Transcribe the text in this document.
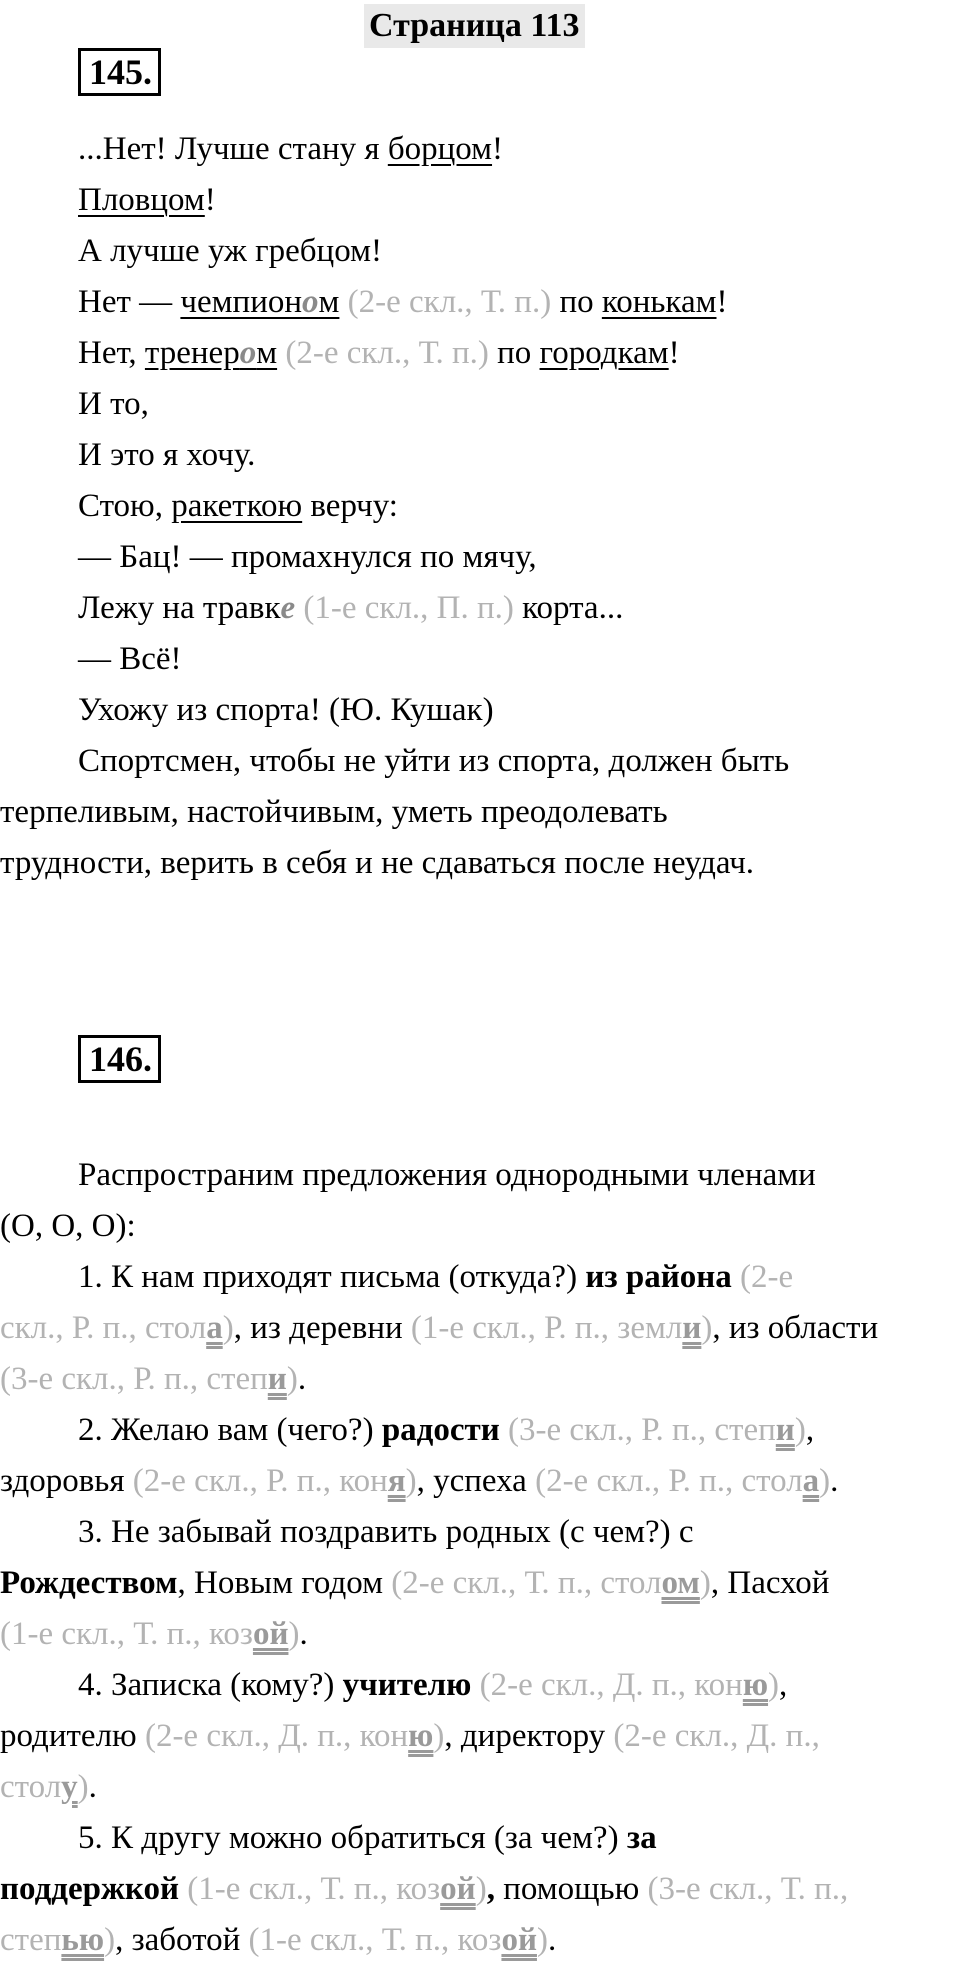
Страница 113
145.
...Нет! Лучше стану я борцом!
Пловцом!
А лучше уж гребцом!
Нет — чемпионом (2-е скл., Т. п.) по конькам!
Нет, тренером (2-е скл., Т. п.) по городкам!
И то,
И это я хочу.
Стою, ракеткою верчу:
— Бац! — промахнулся по мячу,
Лежу на травке (1-е скл., П. п.) корта...
— Всё!
Ухожу из спорта! (Ю. Кушак)
Спортсмен, чтобы не уйти из спорта, должен быть
терпеливым, настойчивым, уметь преодолевать
трудности, верить в себя и не сдаваться после неудач.
146.
Распространим предложения однородными членами
(О, О, О):
1. К нам приходят письма (откуда?) из района (2-е
скл., Р. п., стола), из деревни (1-е скл., Р. п., земли), из области
(3-е скл., Р. п., степи).
2. Желаю вам (чего?) радости (3-е скл., Р. п., степи),
здоровья (2-е скл., Р. п., коня), успеха (2-е скл., Р. п., стола).
3. Не забывай поздравить родных (с чем?) с
Рождеством, Новым годом (2-е скл., Т. п., столом), Пасхой
(1-е скл., Т. п., козой).
4. Записка (кому?) учителю (2-е скл., Д. п., коню),
родителю (2-е скл., Д. п., коню), директору (2-е скл., Д. п.,
столу).
5. К другу можно обратиться (за чем?) за
поддержкой (1-е скл., Т. п., козой), помощью (3-е скл., Т. п.,
степью), заботой (1-е скл., Т. п., козой).
